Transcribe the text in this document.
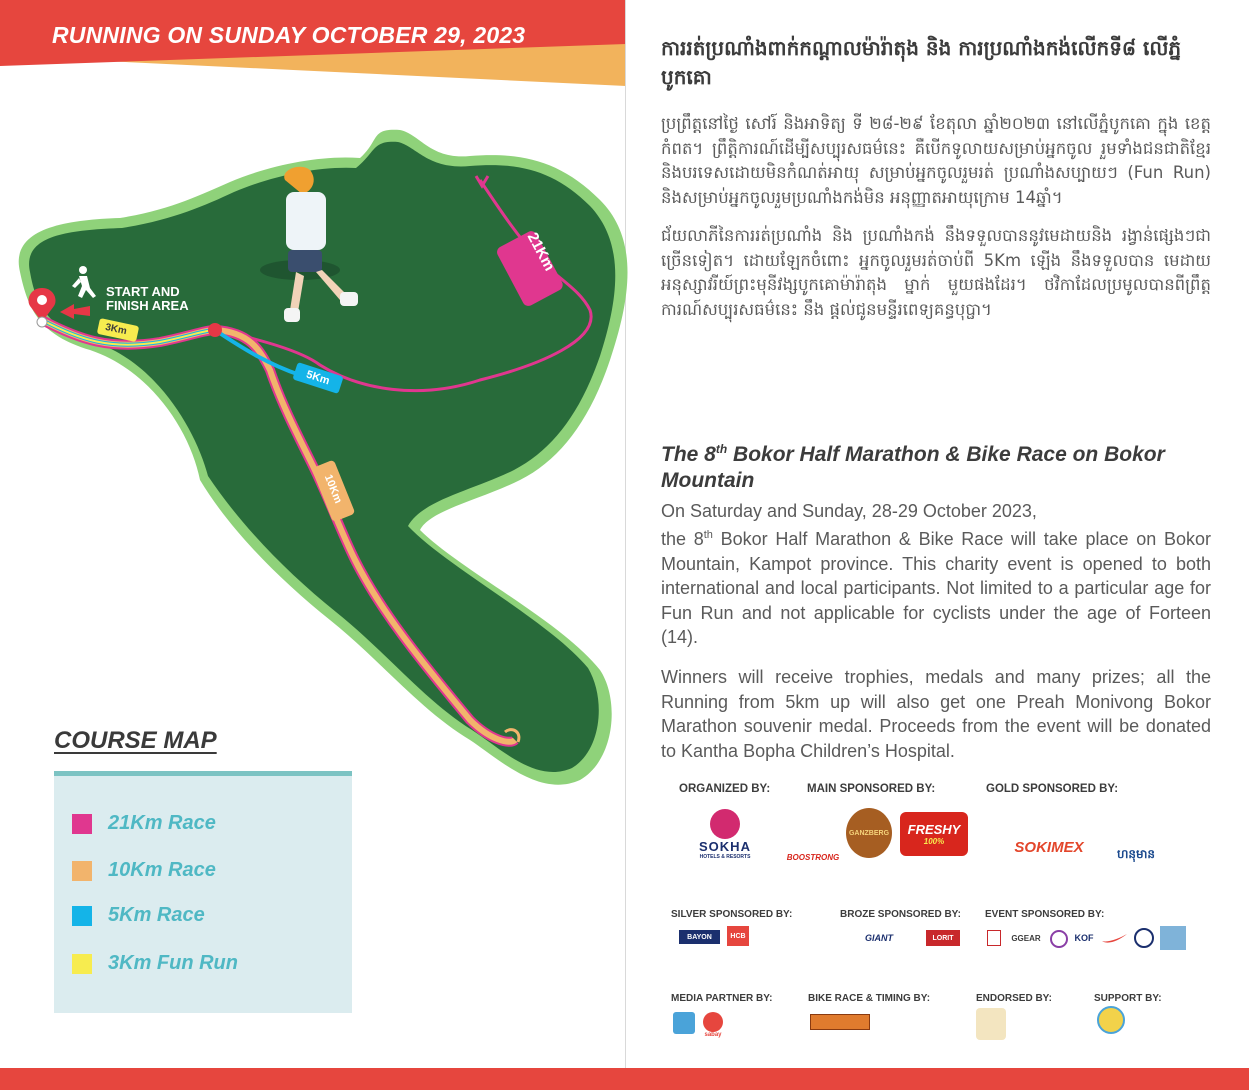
RUNNING ON SUNDAY OCTOBER 29, 2023
START AND
FINISH AREA
21Km
10Km
5Km
3Km
COURSE MAP
21Km Race
10Km Race
5Km Race
3Km Fun Run
ការរត់ប្រណាំងពាក់កណ្តាលម៉ារ៉ាតុង និង ការប្រណាំងកង់លើកទី៨ លើភ្នំបូកគោ

ប្រព្រឹត្តនៅថ្ងៃ សៅរ៍ និងអាទិត្យ ទី ២៨-២៩ ខែតុលា ឆ្នាំ២០២៣ នៅលើភ្នំបូកគោ ក្នុង ខេត្តកំពត។ ព្រឹត្តិការណ៍ដើម្បីសប្បុរសធម៌នេះ គឺបើកទូលាយសម្រាប់អ្នកចូល រួមទាំងជនជាតិខ្មែរ និងបរទេសដោយមិនកំណត់អាយុ សម្រាប់អ្នកចូលរួមរត់ ប្រណាំងសប្បាយៗ (Fun Run) និងសម្រាប់អ្នកចូលរួមប្រណាំងកង់មិន អនុញ្ញាតអាយុក្រោម 14ឆ្នាំ។

ជ័យលាភីនៃការរត់ប្រណាំង និង ប្រណាំងកង់ នឹងទទួលបាននូវមេដាយនិង រង្វាន់ផ្សេងៗជាច្រើនទៀត។ ដោយឡែកចំពោះ អ្នកចូលរួមរត់ចាប់ពី 5Km ឡើង នឹងទទួលបាន មេដាយអនុស្សាវរីយ៍ព្រះមុនីវង្សបូកគោម៉ារ៉ាតុង ម្នាក់ មួយផងដែរ។ ថវិកាដែលប្រមូលបានពីព្រឹត្តការណ៍សប្បុរសធម៌នេះ នឹង ផ្តល់ជូនមន្ទីរពេទ្យគន្ធបុប្ផា។

The 8th Bokor Half Marathon & Bike Race on Bokor Mountain

On Saturday and Sunday, 28-29 October 2023,
the 8th Bokor Half Marathon & Bike Race will take place on Bokor Mountain, Kampot province. This charity event is opened to both international and local participants. Not limited to a particular age for Fun Run and not applicable for cyclists under the age of Forteen (14).

Winners will receive trophies, medals and many prizes; all the Running from 5km up will also get one Preah Monivong Bokor Marathon souvenir medal. Proceeds from the event will be donated to Kantha Bopha Children’s Hospital.

ORGANIZED BY:	MAIN SPONSORED BY:	GOLD SPONSORED BY:
SILVER SPONSORED BY:	BROZE SPONSORED BY: EVENT SPONSORED BY:
MEDIA PARTNER BY:	BIKE RACE & TIMING BY:	ENDORSED BY:	SUPPORT BY:
SOKHA
HOTELS & RESORTS	BOOSTRONG
GANZBERG FRESHY
100%	SOKIMEX	ហនុមាន
BAYON	HCB	GIANT	LORIT	GGEAR	KOF
sabay
